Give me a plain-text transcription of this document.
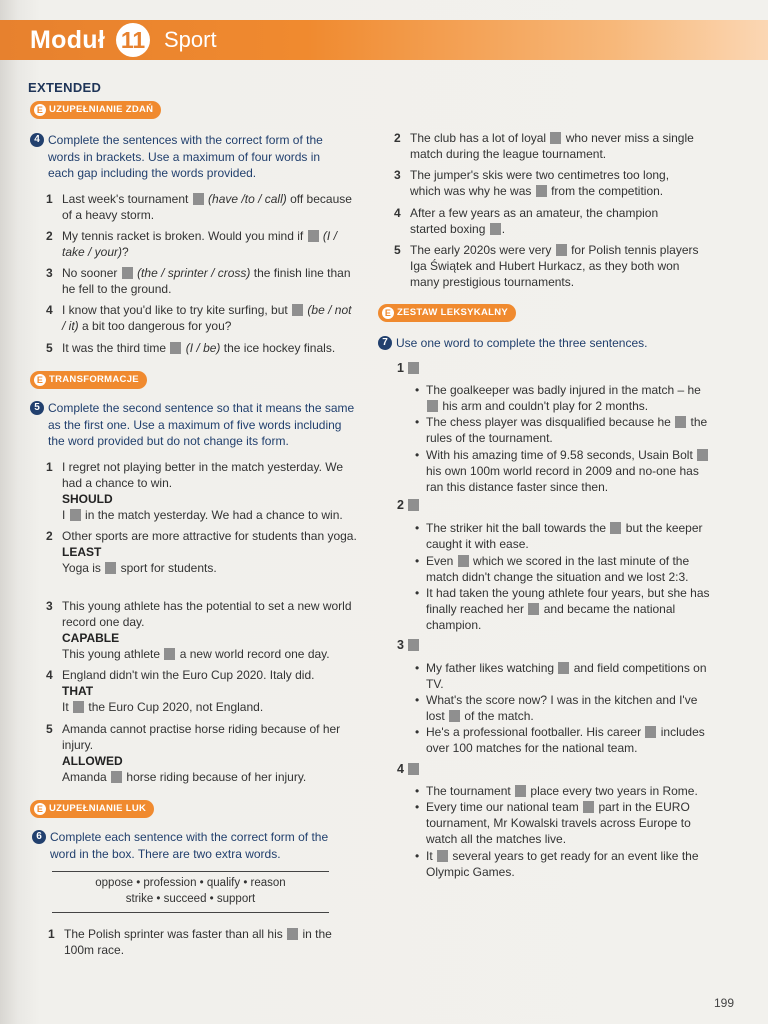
Moduł 11 Sport
EXTENDED
E UZUPEŁNIANIE ZDAŃ
4 Complete the sentences with the correct form of the words in brackets. Use a maximum of four words in each gap including the words provided.
1 Last week's tournament (have /to / call) off because of a heavy storm.
2 My tennis racket is broken. Would you mind if (I / take / your)?
3 No sooner (the / sprinter / cross) the finish line than he fell to the ground.
4 I know that you'd like to try kite surfing, but (be / not / it) a bit too dangerous for you?
5 It was the third time (I / be) the ice hockey finals.
E TRANSFORMACJE
5 Complete the second sentence so that it means the same as the first one. Use a maximum of five words including the word provided but do not change its form.
1 I regret not playing better in the match yesterday. We had a chance to win.
SHOULD
I in the match yesterday. We had a chance to win.
2 Other sports are more attractive for students than yoga.
LEAST
Yoga is sport for students.
3 This young athlete has the potential to set a new world record one day.
CAPABLE
This young athlete a new world record one day.
4 England didn't win the Euro Cup 2020. Italy did.
THAT
It the Euro Cup 2020, not England.
5 Amanda cannot practise horse riding because of her injury.
ALLOWED
Amanda horse riding because of her injury.
E UZUPEŁNIANIE LUK
6 Complete each sentence with the correct form of the word in the box. There are two extra words.
oppose • profession • qualify • reason
strike • succeed • support
1 The Polish sprinter was faster than all his in the 100m race.
2 The club has a lot of loyal who never miss a single match during the league tournament.
3 The jumper's skis were two centimetres too long, which was why he was from the competition.
4 After a few years as an amateur, the champion started boxing .
5 The early 2020s were very for Polish tennis players Iga Świątek and Hubert Hurkacz, as they both won many prestigious tournaments.
E ZESTAW LEKSYKALNY
7 Use one word to complete the three sentences.
1
• The goalkeeper was badly injured in the match – he  his arm and couldn't play for 2 months.
• The chess player was disqualified because he the rules of the tournament.
• With his amazing time of 9.58 seconds, Usain Bolt  his own 100m world record in 2009 and no-one has ran this distance faster since then.
2
• The striker hit the ball towards the but the keeper caught it with ease.
• Even which we scored in the last minute of the match didn't change the situation and we lost 2:3.
• It had taken the young athlete four years, but she has finally reached her and became the national champion.
3
• My father likes watching and field competitions on TV.
• What's the score now? I was in the kitchen and I've lost of the match.
• He's a professional footballer. His career includes over 100 matches for the national team.
4
• The tournament place every two years in Rome.
• Every time our national team part in the EURO tournament, Mr Kowalski travels across Europe to watch all the matches live.
• It several years to get ready for an event like the Olympic Games.
199
